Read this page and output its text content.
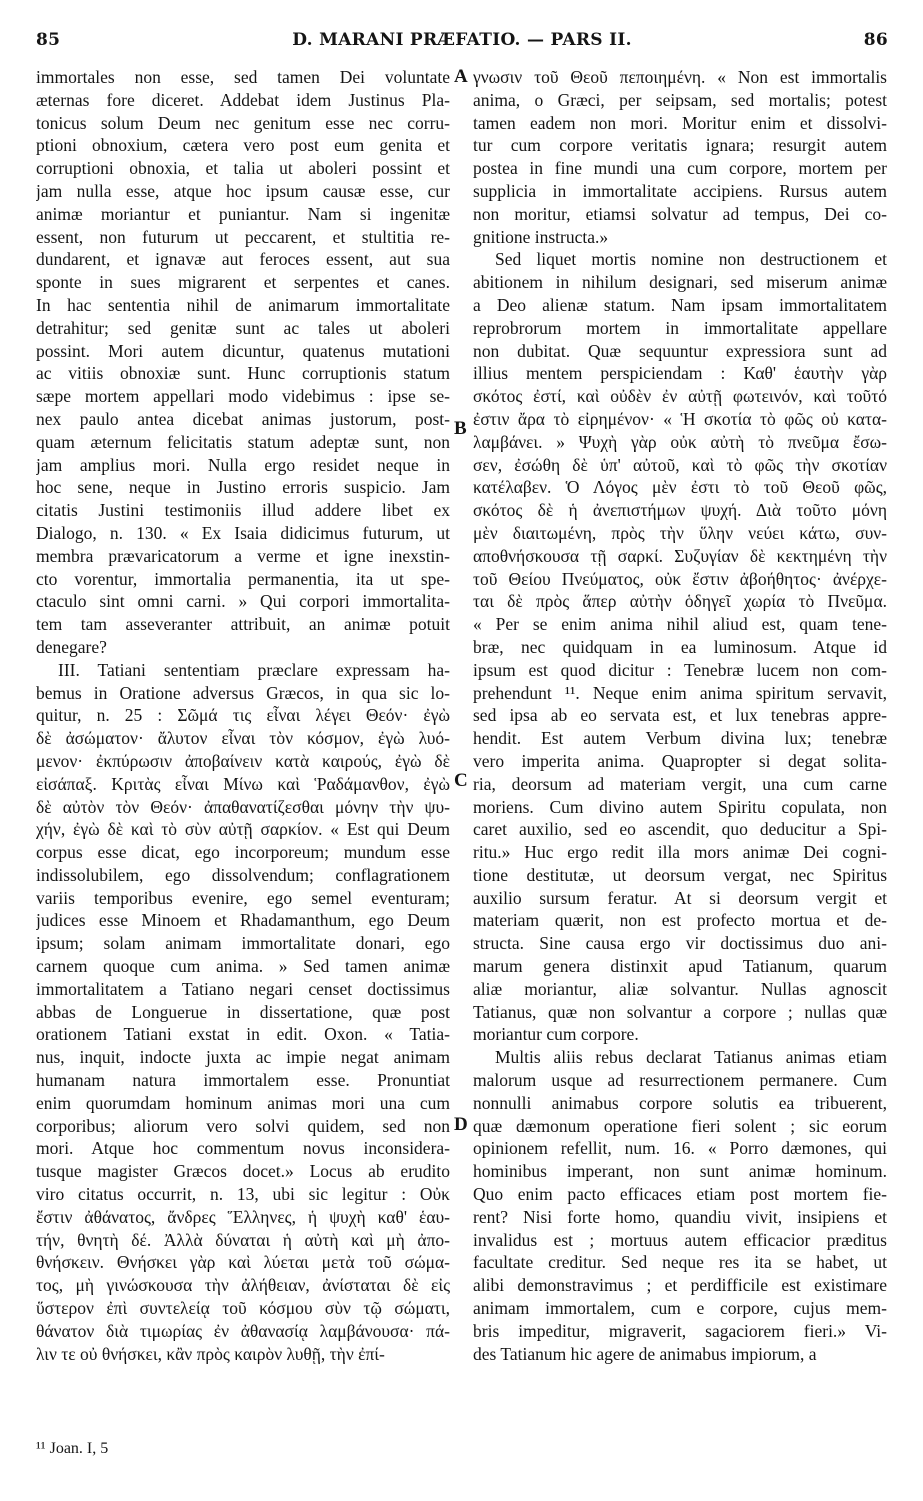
85	D. MARANI PRÆFATIO. — PARS II.	86
immortales non esse, sed tamen Dei voluntate
æternas fore diceret. Addebat idem Justinus Pla-
tonicus solum Deum nec genitum esse nec corru-
ptioni obnoxium, cætera vero post eum genita et
corruptioni obnoxia, et talia ut aboleri possint et
jam nulla esse, atque hoc ipsum causæ esse, cur
animæ moriantur et puniantur. Nam si ingenitæ
essent, non futurum ut peccarent, et stultitia re-
dundarent, et ignavæ aut feroces essent, aut sua
sponte in sues migrarent et serpentes et canes.
In hac sententia nihil de animarum immortalitate
detrahitur; sed genitæ sunt ac tales ut aboleri
possint. Mori autem dicuntur, quatenus mutationi
ac vitiis obnoxiæ sunt. Hunc corruptionis statum
sæpe mortem appellari modo videbimus : ipse se-
nex paulo antea dicebat animas justorum, post-
quam æternum felicitatis statum adeptæ sunt, non
jam amplius mori. Nulla ergo residet neque in
hoc sene, neque in Justino erroris suspicio. Jam
citatis Justini testimoniis illud addere libet ex
Dialogo, n. 130. « Ex Isaia didicimus futurum, ut
membra prævaricatorum a verme et igne inexstin-
cto vorentur, immortalia permanentia, ita ut spe-
ctaculo sint omni carni. » Qui corpori immortalita-
tem tam asseveranter attribuit, an animæ potuit
denegare?
III. Tatiani sententiam præclare expressam ha-
bemus in Oratione adversus Græcos, in qua sic lo-
quitur, n. 25 : Σῶμά τις εἶναι λέγει Θεόν· ἐγὼ
δὲ ἀσώματον· ἄλυτον εἶναι τὸν κόσμον, ἐγὼ λυό-
μενον· ἐκπύρωσιν ἀποβαίνειν κατὰ καιρούς, ἐγὼ δὲ
εἰσάπαξ. Κριτὰς εἶναι Μίνω καὶ Ῥαδάμανθον, ἐγὼ
δὲ αὐτὸν τὸν Θεόν· ἀπαθανατίζεσθαι μόνην τὴν ψυ-
χήν, ἐγὼ δὲ καὶ τὸ σὺν αὐτῇ σαρκίον. « Est qui Deum
corpus esse dicat, ego incorporeum; mundum esse
indissolubilem, ego dissolvendum; conflagrationem
variis temporibus evenire, ego semel eventuram;
judices esse Minoem et Rhadamanthum, ego Deum
ipsum; solam animam immortalitate donari, ego
carnem quoque cum anima. » Sed tamen animæ
immortalitatem a Tatiano negari censet doctissimus
abbas de Longuerue in dissertatione, quæ post
orationem Tatiani exstat in edit. Oxon. « Tatia-
nus, inquit, indocte juxta ac impie negat animam
humanam natura immortalem esse. Pronuntiat
enim quorumdam hominum animas mori una cum
corporibus; aliorum vero solvi quidem, sed non
mori. Atque hoc commentum novus inconsidera-
tusque magister Græcos docet.» Locus ab erudito
viro citatus occurrit, n. 13, ubi sic legitur : Οὐκ
ἔστιν ἀθάνατος, ἄνδρες Ἕλληνες, ἡ ψυχὴ καθ' ἑαυ-
τήν, θνητὴ δέ. Ἀλλὰ δύναται ἡ αὐτὴ καὶ μὴ ἀπο-
θνήσκειν. Θνήσκει γὰρ καὶ λύεται μετὰ τοῦ σώμα-
τος, μὴ γινώσκουσα τὴν ἀλήθειαν, ἀνίσταται δὲ εἰς
ὕστερον ἐπὶ συντελείᾳ τοῦ κόσμου σὺν τῷ σώματι,
θάνατον διὰ τιμωρίας ἐν ἀθανασίᾳ λαμβάνουσα· πά-
λιν τε οὐ θνήσκει, κἂν πρὸς καιρὸν λυθῇ, τὴν ἐπί-
γνωσιν τοῦ Θεοῦ πεποιημένη. « Non est immortalis
anima, o Græci, per seipsam, sed mortalis; potest
tamen eadem non mori. Moritur enim et dissolvi-
tur cum corpore veritatis ignara; resurgit autem
postea in fine mundi una cum corpore, mortem per
supplicia in immortalitate accipiens. Rursus autem
non moritur, etiamsi solvatur ad tempus, Dei co-
gnitione instructa.»
Sed liquet mortis nomine non destructionem et
abitionem in nihilum designari, sed miserum animæ
a Deo alienæ statum. Nam ipsam immortalitatem
reprobrorum mortem in immortalitate appellare
non dubitat. Quæ sequuntur expressiora sunt ad
illius mentem perspiciendam : Καθ' ἑαυτὴν γὰρ
σκότος ἐστί, καὶ οὐδὲν ἐν αὐτῇ φωτεινόν, καὶ τοῦτό
ἐστιν ἄρα τὸ εἰρημένον· « Ἡ σκοτία τὸ φῶς οὐ κατα-
λαμβάνει. » Ψυχὴ γὰρ οὐκ αὐτὴ τὸ πνεῦμα ἔσω-
σεν, ἐσώθη δὲ ὑπ' αὐτοῦ, καὶ τὸ φῶς τὴν σκοτίαν
κατέλαβεν. Ὁ Λόγος μὲν ἐστι τὸ τοῦ Θεοῦ φῶς,
σκότος δὲ ἡ ἀνεπιστήμων ψυχή. Διὰ τοῦτο μόνη
μὲν διαιτωμένη, πρὸς τὴν ὕλην νεύει κάτω, συν-
αποθνήσκουσα τῇ σαρκί. Συζυγίαν δὲ κεκτημένη τὴν
τοῦ Θείου Πνεύματος, οὐκ ἔστιν ἀβοήθητος· ἀνέρχε-
ται δὲ πρὸς ἅπερ αὐτὴν ὁδηγεῖ χωρία τὸ Πνεῦμα.
« Per se enim anima nihil aliud est, quam tene-
bræ, nec quidquam in ea luminosum. Atque id
ipsum est quod dicitur : Tenebræ lucem non com-
prehendunt ¹¹. Neque enim anima spiritum servavit,
sed ipsa ab eo servata est, et lux tenebras appre-
hendit. Est autem Verbum divina lux; tenebræ
vero imperita anima. Quapropter si degat solita-
ria, deorsum ad materiam vergit, una cum carne
moriens. Cum divino autem Spiritu copulata, non
caret auxilio, sed eo ascendit, quo deducitur a Spi-
ritu.» Huc ergo redit illa mors animæ Dei cogni-
tione destitutæ, ut deorsum vergat, nec Spiritus
auxilio sursum feratur. At si deorsum vergit et
materiam quærit, non est profecto mortua et de-
structa. Sine causa ergo vir doctissimus duo ani-
marum genera distinxit apud Tatianum, quarum
aliæ moriantur, aliæ solvantur. Nullas agnoscit
Tatianus, quæ non solvantur a corpore ; nullas quæ
moriantur cum corpore.
Multis aliis rebus declarat Tatianus animas etiam
malorum usque ad resurrectionem permanere. Cum
nonnulli animabus corpore solutis ea tribuerent,
quæ dæmonum operatione fieri solent ; sic eorum
opinionem refellit, num. 16. « Porro dæmones, qui
hominibus imperant, non sunt animæ hominum.
Quo enim pacto efficaces etiam post mortem fie-
rent? Nisi forte homo, quandiu vivit, insipiens et
invalidus est ; mortuus autem efficacior præditus
facultate creditur. Sed neque res ita se habet, ut
alibi demonstravimus ; et perdifficile est existimare
animam immortalem, cum e corpore, cujus mem-
bris impeditur, migraverit, sagaciorem fieri.» Vi-
des Tatianum hic agere de animabus impiorum, a
A
B
C
D
¹¹ Joan. I, 5
